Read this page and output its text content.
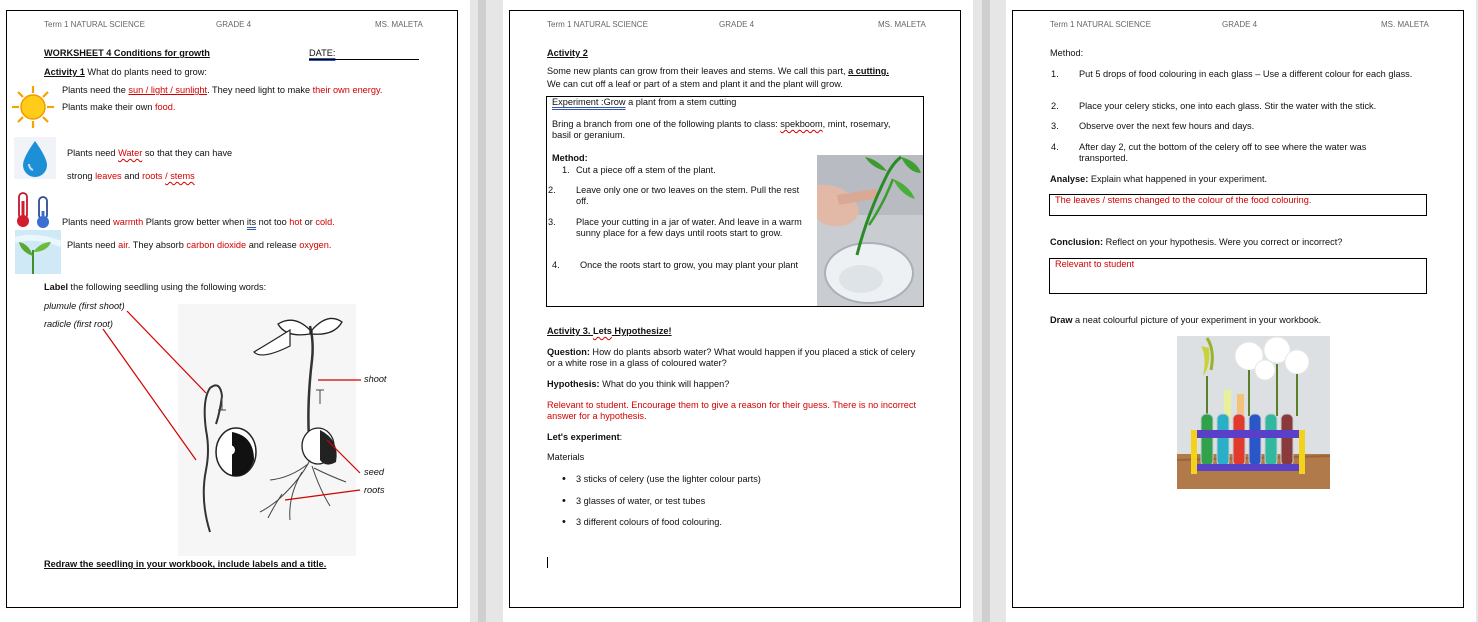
Term 1 NATURAL SCIENCE	GRADE 4	MS. MALETA
WORKSHEET 4 Conditions for growth	DATE:
Activity 1 What do plants need to grow:
Plants need the sun / light / sunlight. They need light to make their own energy.
Plants make their own food.
Plants need Water so that they can have
strong leaves and roots / stems
Plants need warmth Plants grow better when its not too hot or cold.
Plants need air. They absorb carbon dioxide and release oxygen.
Label the following seedling using the following words:
plumule (first shoot)
radicle (first root)
shoot
seed
roots
Redraw the seedling in your workbook, include labels and a title.
Term 1 NATURAL SCIENCE	GRADE 4	MS. MALETA
Activity 2
Some new plants can grow from their leaves and stems. We call this part, a cutting.
We can cut off a leaf or part of a stem and plant it and the plant will grow.
Experiment :Grow a plant from a stem cutting
Bring a branch from one of the following plants to class: spekboom, mint, rosemary,
basil or geranium.
Method:
1. Cut a piece off a stem of the plant.
2. Leave only one or two leaves on the stem. Pull the rest off.
3. Place your cutting in a jar of water. And leave in a warm sunny place for a few days until roots start to grow.
4. Once the roots start to grow, you may plant your plant
Activity 3. Lets Hypothesize!
Question: How do plants absorb water? What would happen if you placed a stick of celery or a white rose in a glass of coloured water?
Hypothesis: What do you think will happen?
Relevant to student. Encourage them to give a reason for their guess. There is no incorrect answer for a hypothesis.
Let's experiment:
Materials
• 3 sticks of celery (use the lighter colour parts)
• 3 glasses of water, or test tubes
• 3 different colours of food colouring.
Term 1 NATURAL SCIENCE	GRADE 4	MS. MALETA
Method:
1. Put 5 drops of food colouring in each glass – Use a different colour for each glass.
2. Place your celery sticks, one into each glass. Stir the water with the stick.
3. Observe over the next few hours and days.
4. After day 2, cut the bottom of the celery off to see where the water was transported.
Analyse: Explain what happened in your experiment.
The leaves / stems changed to the colour of the food colouring.
Conclusion: Reflect on your hypothesis. Were you correct or incorrect?
Relevant to student
Draw a neat colourful picture of your experiment in your workbook.
